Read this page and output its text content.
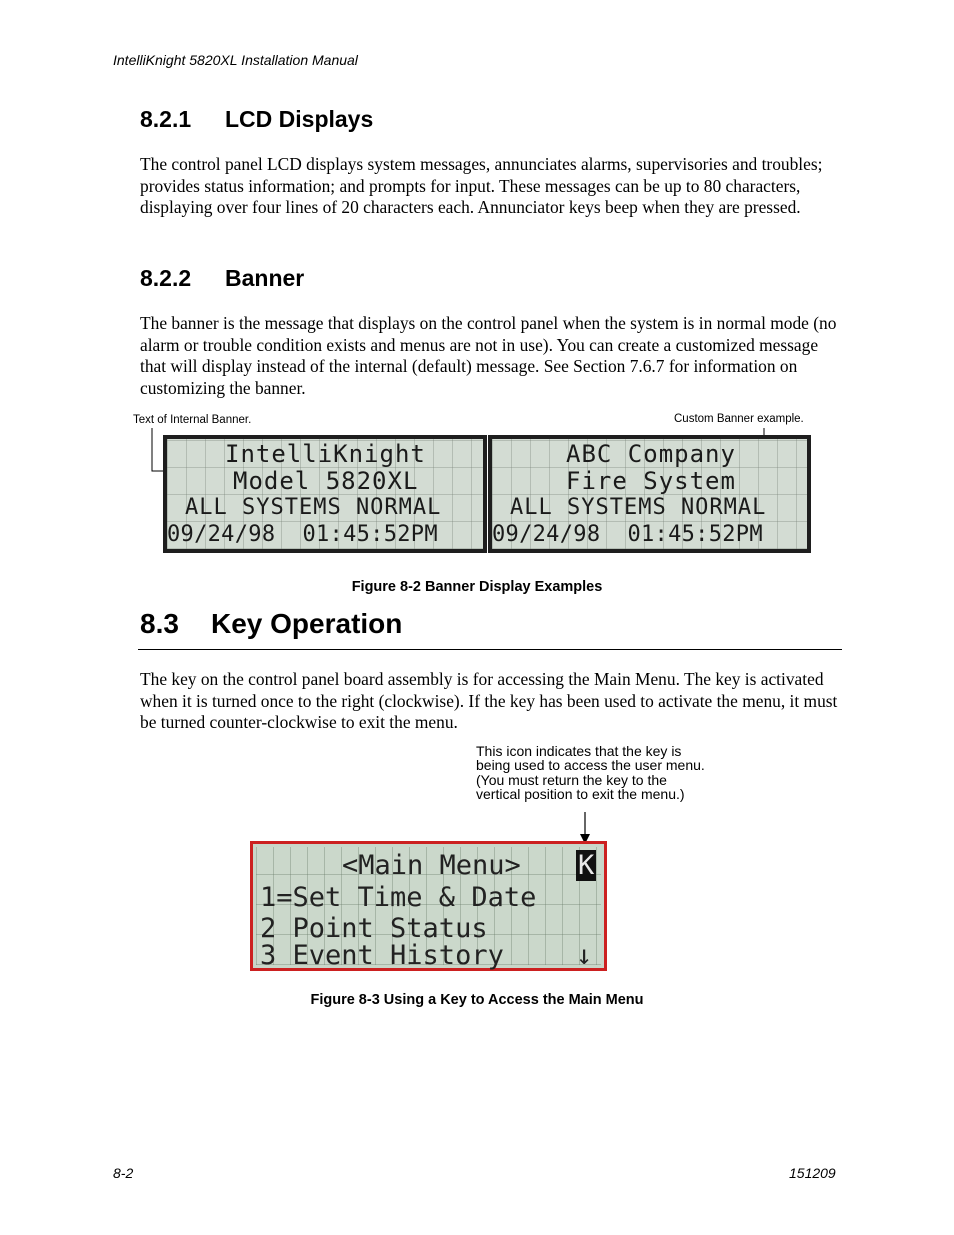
IntelliKnight 5820XL Installation Manual
8.2.1 LCD Displays
The control panel LCD displays system messages, annunciates alarms, supervisories and troubles; provides status information; and prompts for input. These messages can be up to 80 characters, displaying over four lines of 20 characters each. Annunciator keys beep when they are pressed.
8.2.2 Banner
The banner is the message that displays on the control panel when the system is in normal mode (no alarm or trouble condition exists and menus are not in use). You can create a customized message that will display instead of the internal (default) message. See Section 7.6.7 for information on customizing the banner.
Text of Internal Banner.	Custom Banner example.
IntelliKnight
Model 5820XL
ALL SYSTEMS NORMAL
09/24/98  01:45:52PM
ABC Company
Fire System
ALL SYSTEMS NORMAL
09/24/98  01:45:52PM
Figure 8-2 Banner Display Examples
8.3 Key Operation
The key on the control panel board assembly is for accessing the Main Menu. The key is activated when it is turned once to the right (clockwise). If the key has been used to activate the menu, it must be turned counter-clockwise to exit the menu.
This icon indicates that the key is being used to access the user menu. (You must return the key to the vertical position to exit the menu.)
<Main Menu> K
1=Set Time & Date
2 Point Status
3 Event History	↓
Figure 8-3 Using a Key to Access the Main Menu
8-2	151209
